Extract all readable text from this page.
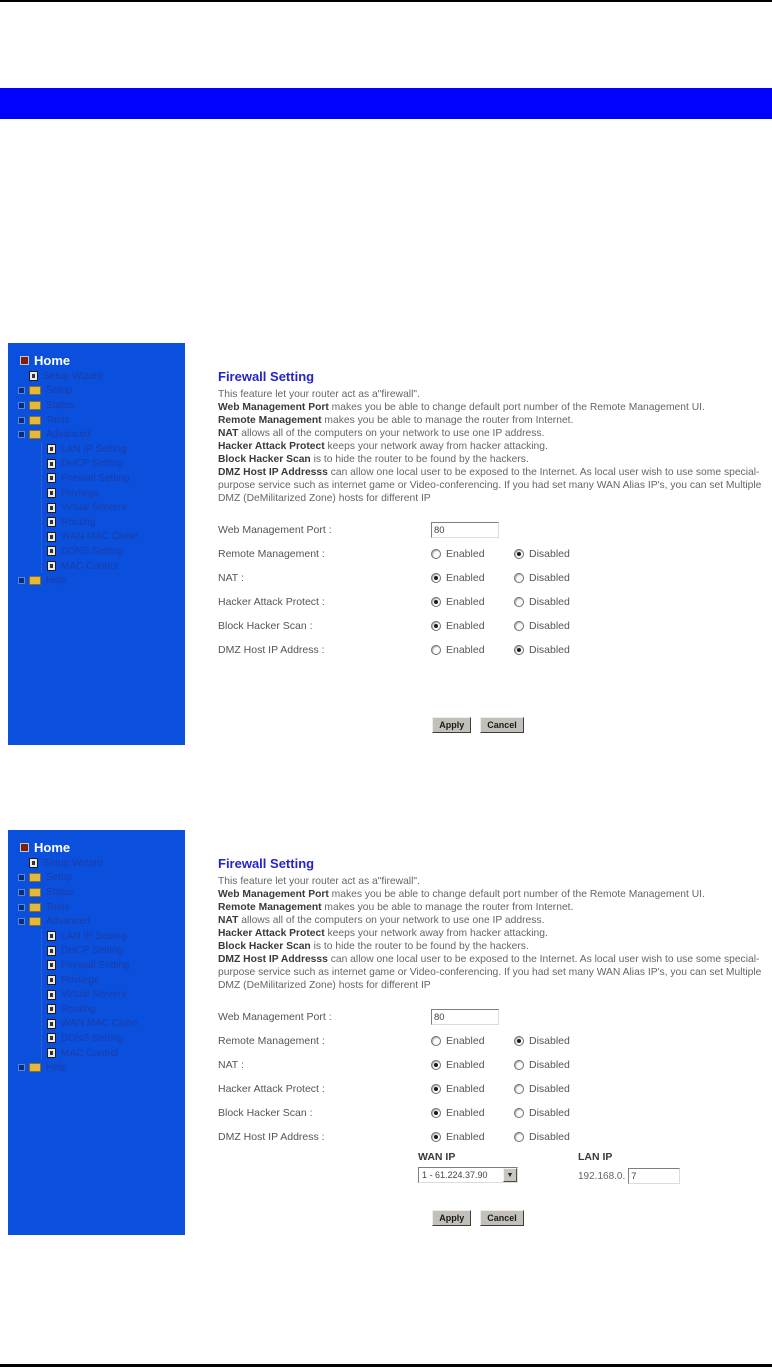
Home
Setup Wizard
Setup
Status
Tools
Advanced
LAN IP Setting
DHCP Setting
Firewall Setting
Privilege
Virtual Servers
Routing
WAN MAC Clone
DDNS Setting
MAC Control
Help
Firewall Setting
This feature let your router act as a"firewall".
Web Management Port makes you be able to change default port number of the Remote Management UI.
Remote Management makes you be able to manage the router from Internet.
NAT allows all of the computers on your network to use one IP address.
Hacker Attack Protect keeps your network away from hacker attacking.
Block Hacker Scan is to hide the router to be found by the hackers.
DMZ Host IP Addresss can allow one local user to be exposed to the Internet. As local user wish to use some special-purpose service such as internet game or Video-conferencing. If you had set many WAN Alias IP's, you can set Multiple DMZ (DeMilitarized Zone) hosts for different IP
Web Management Port :
80
Remote Management :	Enabled	Disabled
NAT :	Enabled	Disabled
Hacker Attack Protect :	Enabled	Disabled
Block Hacker Scan :	Enabled	Disabled
DMZ Host IP Address :	Enabled	Disabled
Apply	Cancel
Home
Setup Wizard
Setup
Status
Tools
Advanced
LAN IP Setting
DHCP Setting
Firewall Setting
Privilege
Virtual Servers
Routing
WAN MAC Clone
DDNS Setting
MAC Control
Help
Firewall Setting
This feature let your router act as a"firewall".
Web Management Port makes you be able to change default port number of the Remote Management UI.
Remote Management makes you be able to manage the router from Internet.
NAT allows all of the computers on your network to use one IP address.
Hacker Attack Protect keeps your network away from hacker attacking.
Block Hacker Scan is to hide the router to be found by the hackers.
DMZ Host IP Addresss can allow one local user to be exposed to the Internet. As local user wish to use some special-purpose service such as internet game or Video-conferencing. If you had set many WAN Alias IP's, you can set Multiple DMZ (DeMilitarized Zone) hosts for different IP
Web Management Port :
80
Remote Management :	Enabled	Disabled
NAT :	Enabled	Disabled
Hacker Attack Protect :	Enabled	Disabled
Block Hacker Scan :	Enabled	Disabled
DMZ Host IP Address :	Enabled	Disabled
WAN IP
1 - 61.224.37.90	▼
LAN IP
192.168.0.
7
Apply	Cancel
